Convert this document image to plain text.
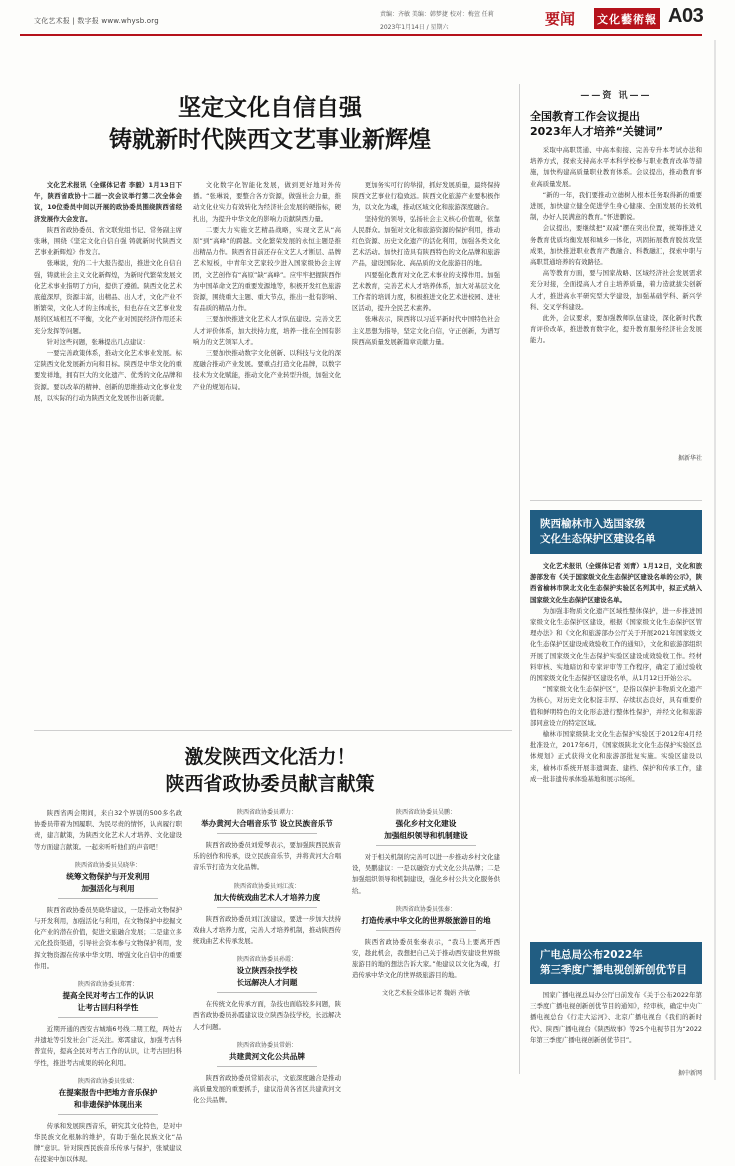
文化艺术报 | 数字报 www.whysb.org
责编：齐敏 美编：韩梦捷 校对：梅萱 任莉
2023年1月14日 / 星期六	要闻 文化藝術報 A03
坚定文化自信自强
铸就新时代陕西文艺事业新辉煌

文化艺术报讯（全媒体记者 李毅）1月13日下午，陕西省政协十二届一次会议举行第二次全体会议，10位委员中间以开展的政协委员围绕陕西省经济发展作大会发言。

陕西省政协委员、省文联党组书记、常务副主席张琳，围绕《坚定文化自信自强 铸就新时代陕西文艺事业新辉煌》作发言。

张琳说，党的二十大报告提出，推进文化自信自强，铸就社会主义文化新辉煌，为新时代繁荣发展文化艺术事业指明了方向，提供了遵循。陕西文化艺术底蕴深厚，资源丰富，出精品、出人才，文化产业不断繁荣，文化人才的主体成长，但也存在文艺事业发展的区域相互不平衡，文化产业对国民经济作用还未充分发挥等问题。

针对这些问题，张琳提出几点建议：

一要完善政策体系，推动文化艺术事业发展。标定陕西文化发展新方向和目标。陕西是中华文化的重要发祥地，拥有巨大的文化遗产、优秀的文化品牌和资源。要以改革的精神、创新的思维推动文化事业发展，以实际的行动为陕西文化发展作出新贡献。

文化数字化智能化发展，做到更好地对外传播。“张琳说，要整合各方资源，做强社会力量，推动文化业实力有效转化为经济社会发展的硬指标，硬扎出，为提升中华文化的影响力贡献陕西力量。

二要大力实施文艺精品战略，实现文艺从“高原”到“高峰”的跨越。文化繁荣发展的永恒主题是推出精品力作。陕西省目前还存在文艺人才断层、品牌艺术短板，中青年文艺家较少进入国家级协会主席团，文艺创作有“高原”缺“高峰”。应牢牢把握陕西作为中国革命文艺的重要发源地等，积极开发红色旅游资源，围绕重大主题、重大节点，推出一批有影响、有品质的精品力作。

三要加快推进文化艺术人才队伍建设。完善文艺人才评价体系，加大扶持力度，培养一批在全国有影响力的文艺领军人才。

三要加快推动数字文化创新、以科技与文化的深度融合推动产业发展。要重点打造文化品牌，以数字技术为文化赋能，推动文化产业转型升级，加强文化产业的规划布局。

更加务实可行的举措，抓好发展质量，最终保持陕西文艺事业行稳致远。陕西文化旅游产业要积极作为，以文化为魂，推动区域文化和旅游深度融合。

坚持党的领导，弘扬社会主义核心价值观，依靠人民群众。加强对文化和旅游资源的保护利用，推动红色资源、历史文化遗产的活化利用，加强各类文化艺术活动。加快打造具有陕西特色的文化品牌和旅游产品，建设国际化、高品质的文化旅游目的地。

四要强化教育对文化艺术事业的支撑作用。加强艺术教育，完善艺术人才培养体系，加大对基层文化工作者的培训力度，积极推进文化艺术进校园、进社区活动，提升全民艺术素养。

张琳表示，陕西将以习近平新时代中国特色社会主义思想为指导，坚定文化自信，守正创新，为谱写陕西高质量发展新篇章贡献力量。

——资 讯——
全国教育工作会议提出
2023年人才培养“关键词”

采取中高职贯通、中高本衔接、完善专升本考试办法和培养方式，探索支持高水平本科学校参与职业教育改革等措施，加快构建高质量职业教育体系。会议提出，推动教育事业高质量发展。

“新的一年，我们要推动立德树人根本任务取得新的重要进展，加快建立健全促进学生身心健康、全面发展的长效机制，办好人民满意的教育。”怀进鹏说。

会议提出，要继续把“双减”摆在突出位置，统筹推进义务教育优质均衡发展和城乡一体化，巩固拓展教育脱贫攻坚成果，加快推进职业教育产教融合、科教融汇，探索中职与高职贯通培养的有效路径。

高等教育方面，要与国家战略、区域经济社会发展需求充分对接，全面提高人才自主培养质量，着力造就拔尖创新人才，推进高水平研究型大学建设，加强基础学科、新兴学科、交叉学科建设。

此外，会议要求，要加强教师队伍建设，深化新时代教育评价改革，推进教育数字化，提升教育服务经济社会发展能力。

据新华社
陕西榆林市入选国家级
文化生态保护区建设名单

文化艺术报讯（全媒体记者 刘青）1月12日，文化和旅游部发布《关于国家级文化生态保护区建设名单的公示》，陕西省榆林市陕北文化生态保护实验区名列其中，拟正式纳入国家级文化生态保护区建设名单。

为加强非物质文化遗产区域性整体保护，进一步推进国家级文化生态保护区建设，根据《国家级文化生态保护区管理办法》和《文化和旅游部办公厅关于开展2021年国家级文化生态保护区建设成效验收工作的通知》，文化和旅游部组织开展了国家级文化生态保护实验区建设成效验收工作。经材料审核、实地暗访和专家评审等工作程序，确定了通过验收的国家级文化生态保护区建设名单，从1月12日开始公示。

“国家级文化生态保护区”，是指以保护非物质文化遗产为核心，对历史文化积淀丰厚、存续状态良好，具有重要价值和鲜明特色的文化形态进行整体性保护，并经文化和旅游部同意设立的特定区域。

榆林市国家级陕北文化生态保护实验区于2012年4月经批准设立，2017年6月，《国家级陕北文化生态保护实验区总体规划》正式获得文化和旅游部批复实施。实验区建设以来，榆林市系统开展非遗调查、建档、保护和传承工作，建成一批非遗传承体验基地和展示场所。

广电总局公布2022年
第三季度广播电视创新创优节目

国家广播电视总局办公厅日前发布《关于公布2022年第三季度广播电视创新创优节目的通知》，经审核，确定中央广播电视总台《行走大运河》、北京广播电视台《我们的新时代》、陕西广播电视台《陕西故事》等25个电视节目为“2022年第三季度广播电视创新创优节目”。

据中新网
激发陕西文化活力！
陕西省政协委员献言献策

陕西省两会期间，来自32个界别的500多名政协委员带着为国履职、为民尽责的情怀，认真履行职责，建言献策，为陕西文化艺术人才培养、文化建设等方面建言献策。一起来听听他们的声音吧！

陕西省政协委员吴晓华：
统筹文物保护与开发利用
加强活化与利用

陕西省政协委员吴晓华建议，一是推动文物保护与开发利用，加强活化与利用，在文物保护中挖掘文化产业的潜在价值，促进文旅融合发展；二是建立多元化投资渠道，引导社会资本参与文物保护利用，发挥文物资源在传承中华文明、增强文化自信中的重要作用。

陕西省政协委员郑霄：
提高全民对考古工作的认识
让考古回归科学性

近期开通的西安古城墙6号线二期工程，两处古井遗址等引发社会广泛关注。郑霄建议，加强考古科普宣传，提高全民对考古工作的认识，让考古回归科学性，推进考古成果的转化利用。

陕西省政协委员张斌：
在提案报告中把地方音乐保护
和非遗保护体现出来

传承和发展陕西音乐，研究其文化特色，是对中华民族文化根脉的维护，有助于强化民族文化“品牌”意识。针对陕西民族音乐传承与保护，张斌建议在提案中加以体现。

陕西省政协委员谭力：
举办黄河大合唱音乐节 设立民族音乐节

陕西省政协委员刘爱琴表示，要加强陕西民族音乐的创作和传承，设立民族音乐节，并将黄河大合唱音乐节打造为文化品牌。

陕西省政协委员刘江波：
加大传统戏曲艺术人才培养力度

陕西省政协委员刘江波建议，要进一步加大扶持戏曲人才培养力度，完善人才培养机制，推动陕西传统戏曲艺术传承发展。

陕西省政协委员孙霞：
设立陕西杂技学校
长远解决人才问题

在传统文化传承方面，杂技也面临较多问题，陕西省政协委员孙霞建议设立陕西杂技学校，长远解决人才问题。

陕西省政协委员常娟：
共建黄河文化公共品牌

陕西省政协委员常娟表示，文旅深度融合是推动高质量发展的重要抓手，建议沿黄各省区共建黄河文化公共品牌。

陕西省政协委员吴鹏：
强化乡村文化建设
加强组织领导和机制建设

对于相关机制的完善可以进一步推动乡村文化建设，吴鹏建议：一是以融资方式文化公共品牌；二是加强组织领导和机制建设，强化乡村公共文化服务供给。

陕西省政协委员张秦：
打造传承中华文化的世界级旅游目的地

陕西省政协委员张秦表示，“我马上要离开西安，趁此机会，我想把自己关于推动西安建设世界级旅游目的地的想法告诉大家。”他建议以文化为魂，打造传承中华文化的世界级旅游目的地。

文化艺术报全媒体记者 魏娟 齐敏
